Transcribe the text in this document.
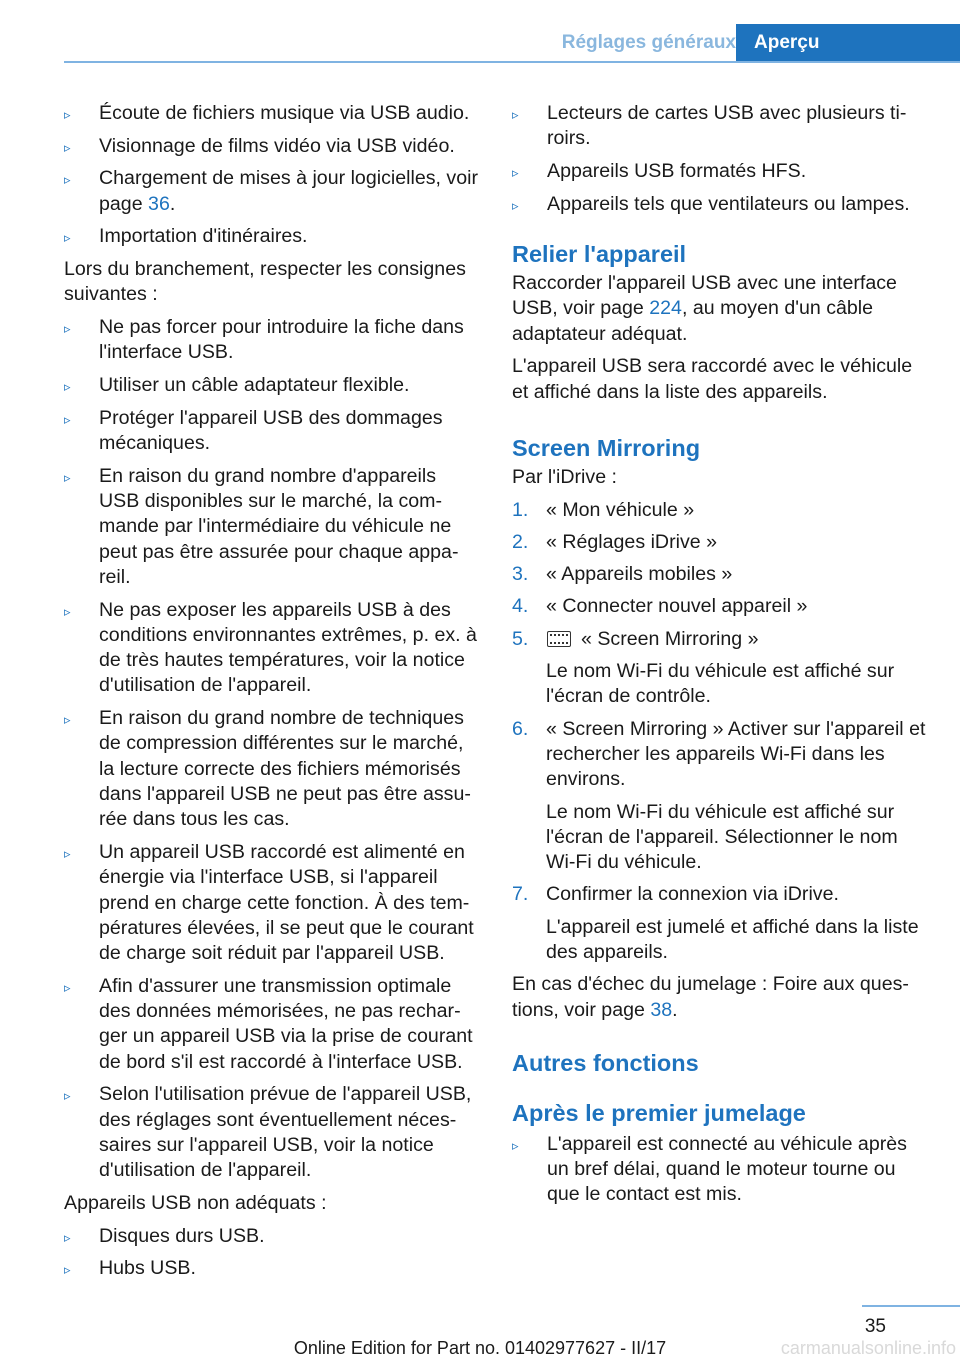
Réglages généraux Aperçu
▹ Écoute de fichiers musique via USB audio.
▹ Visionnage de films vidéo via USB vidéo.
▹ Chargement de mises à jour logicielles, voir page 36.
▹ Importation d'itinéraires.

Lors du branchement, respecter les consignes suivantes :

▹ Ne pas forcer pour introduire la fiche dans l'interface USB.
▹ Utiliser un câble adaptateur flexible.
▹ Protéger l'appareil USB des dommages mécaniques.
▹ En raison du grand nombre d'appareils USB disponibles sur le marché, la commande par l'intermédiaire du véhicule ne peut pas être assurée pour chaque appareil.
▹ Ne pas exposer les appareils USB à des conditions environnantes extrêmes, p. ex. à de très hautes températures, voir la notice d'utilisation de l'appareil.
▹ En raison du grand nombre de techniques de compression différentes sur le marché, la lecture correcte des fichiers mémorisés dans l'appareil USB ne peut pas être assurée dans tous les cas.
▹ Un appareil USB raccordé est alimenté en énergie via l'interface USB, si l'appareil prend en charge cette fonction. À des températures élevées, il se peut que le courant de charge soit réduit par l'appareil USB.
▹ Afin d'assurer une transmission optimale des données mémorisées, ne pas recharger un appareil USB via la prise de courant de bord s'il est raccordé à l'interface USB.
▹ Selon l'utilisation prévue de l'appareil USB, des réglages sont éventuellement nécessaires sur l'appareil USB, voir la notice d'utilisation de l'appareil.

Appareils USB non adéquats :

▹ Disques durs USB.
▹ Hubs USB.
▹ Lecteurs de cartes USB avec plusieurs tiroirs.
▹ Appareils USB formatés HFS.
▹ Appareils tels que ventilateurs ou lampes.
Relier l'appareil

Raccorder l'appareil USB avec une interface USB, voir page 224, au moyen d'un câble adaptateur adéquat.

L'appareil USB sera raccordé avec le véhicule et affiché dans la liste des appareils.

Screen Mirroring

Par l'iDrive :

1. « Mon véhicule »
2. « Réglages iDrive »
3. « Appareils mobiles »
4. « Connecter nouvel appareil »
5.	« Screen Mirroring »
Le nom Wi-Fi du véhicule est affiché sur l'écran de contrôle.
6. « Screen Mirroring » Activer sur l'appareil et rechercher les appareils Wi-Fi dans les environs.
Le nom Wi-Fi du véhicule est affiché sur l'écran de l'appareil. Sélectionner le nom Wi-Fi du véhicule.
7. Confirmer la connexion via iDrive.
L'appareil est jumelé et affiché dans la liste des appareils.

En cas d'échec du jumelage : Foire aux questions, voir page 38.

Autres fonctions
Après le premier jumelage
▹ L'appareil est connecté au véhicule après un bref délai, quand le moteur tourne ou que le contact est mis.
35
Online Edition for Part no. 01402977627 - II/17	carmanualsonline.info
